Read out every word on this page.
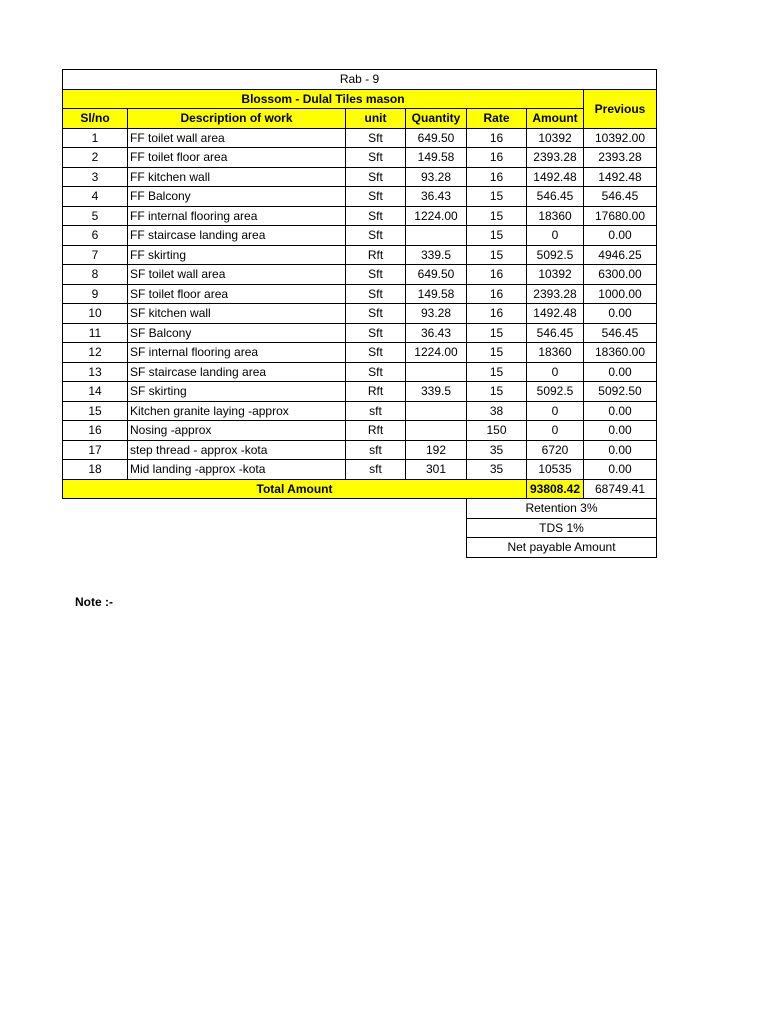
Rab - 9						
Blossom - Dulal Tiles mason						Previous
Sl/no	Description of work	unit	Quantity	Rate	Amount	
1	FF toilet wall area	Sft	649.50	16	10392	10392.00
2	FF toilet floor area	Sft	149.58	16	2393.28	2393.28
3	FF kitchen wall	Sft	93.28	16	1492.48	1492.48
4	FF Balcony	Sft	36.43	15	546.45	546.45
5	FF internal flooring area	Sft	1224.00	15	18360	17680.00
6	FF staircase landing area	Sft		15	0	0.00
7	FF skirting	Rft	339.5	15	5092.5	4946.25
8	SF toilet wall area	Sft	649.50	16	10392	6300.00
9	SF toilet floor area	Sft	149.58	16	2393.28	1000.00
10	SF kitchen wall	Sft	93.28	16	1492.48	0.00
11	SF Balcony	Sft	36.43	15	546.45	546.45
12	SF internal flooring area	Sft	1224.00	15	18360	18360.00
13	SF staircase landing area	Sft		15	0	0.00
14	SF skirting	Rft	339.5	15	5092.5	5092.50
15	Kitchen granite laying -approx	sft		38	0	0.00
16	Nosing -approx	Rft		150	0	0.00
17	step thread - approx -kota	sft	192	35	6720	0.00
18	Mid landing -approx -kota	sft	301	35	10535	0.00
Total Amount					93808.42	68749.41
				Retention 3%		
				TDS 1%		
				Net payable Amount		
Note :-
